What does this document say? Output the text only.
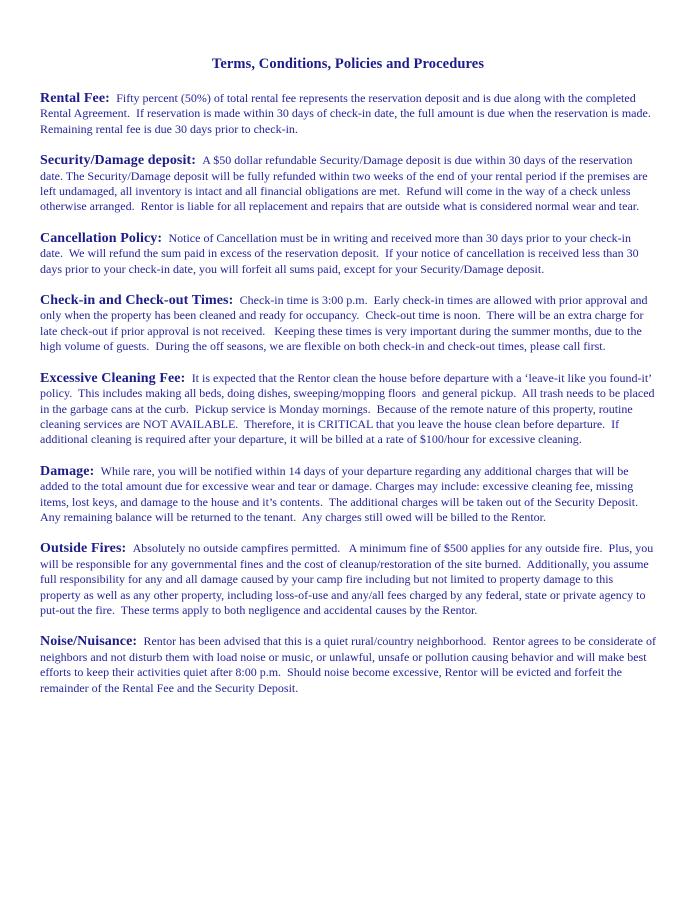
Terms, Conditions, Policies and Procedures

Rental Fee: Fifty percent (50%) of total rental fee represents the reservation deposit and is due along with the completed Rental Agreement.  If reservation is made within 30 days of check-in date, the full amount is due when the reservation is made.   Remaining rental fee is due 30 days prior to check-in.

Security/Damage deposit: A $50 dollar refundable Security/Damage deposit is due within 30 days of the reservation date. The Security/Damage deposit will be fully refunded within two weeks of the end of your rental period if the premises are left undamaged, all inventory is intact and all financial obligations are met.  Refund will come in the way of a check unless otherwise arranged.  Rentor is liable for all replacement and repairs that are outside what is considered normal wear and tear.

Cancellation Policy: Notice of Cancellation must be in writing and received more than 30 days prior to your check-in date.  We will refund the sum paid in excess of the reservation deposit.  If your notice of cancellation is received less than 30 days prior to your check-in date, you will forfeit all sums paid, except for your Security/Damage deposit.

Check-in and Check-out Times: Check-in time is 3:00 p.m.  Early check-in times are allowed with prior approval and only when the property has been cleaned and ready for occupancy.  Check-out time is noon.  There will be an extra charge for late check-out if prior approval is not received.   Keeping these times is very important during the summer months, due to the high volume of guests.  During the off seasons, we are flexible on both check-in and check-out times, please call first.

Excessive Cleaning Fee: It is expected that the Rentor clean the house before departure with a ‘leave-it like you found-it’ policy.  This includes making all beds, doing dishes, sweeping/mopping floors  and general pickup.  All trash needs to be placed in the garbage cans at the curb.  Pickup service is Monday mornings.  Because of the remote nature of this property, routine cleaning services are NOT AVAILABLE.  Therefore, it is CRITICAL that you leave the house clean before departure.  If additional cleaning is required after your departure, it will be billed at a rate of $100/hour for excessive cleaning.

Damage: While rare, you will be notified within 14 days of your departure regarding any additional charges that will be added to the total amount due for excessive wear and tear or damage. Charges may include: excessive cleaning fee, missing items, lost keys, and damage to the house and it’s contents.  The additional charges will be taken out of the Security Deposit.  Any remaining balance will be returned to the tenant.  Any charges still owed will be billed to the Rentor.

Outside Fires: Absolutely no outside campfires permitted.   A minimum fine of $500 applies for any outside fire.  Plus, you will be responsible for any governmental fines and the cost of cleanup/restoration of the site burned.  Additionally, you assume full responsibility for any and all damage caused by your camp fire including but not limited to property damage to this property as well as any other property, including loss-of-use and any/all fees charged by any federal, state or private agency to put-out the fire.  These terms apply to both negligence and accidental causes by the Rentor.

Noise/Nuisance: Rentor has been advised that this is a quiet rural/country neighborhood.  Rentor agrees to be considerate of neighbors and not disturb them with load noise or music, or unlawful, unsafe or pollution causing behavior and will make best efforts to keep their activities quiet after 8:00 p.m.  Should noise become excessive, Rentor will be evicted and forfeit the remainder of the Rental Fee and the Security Deposit.
